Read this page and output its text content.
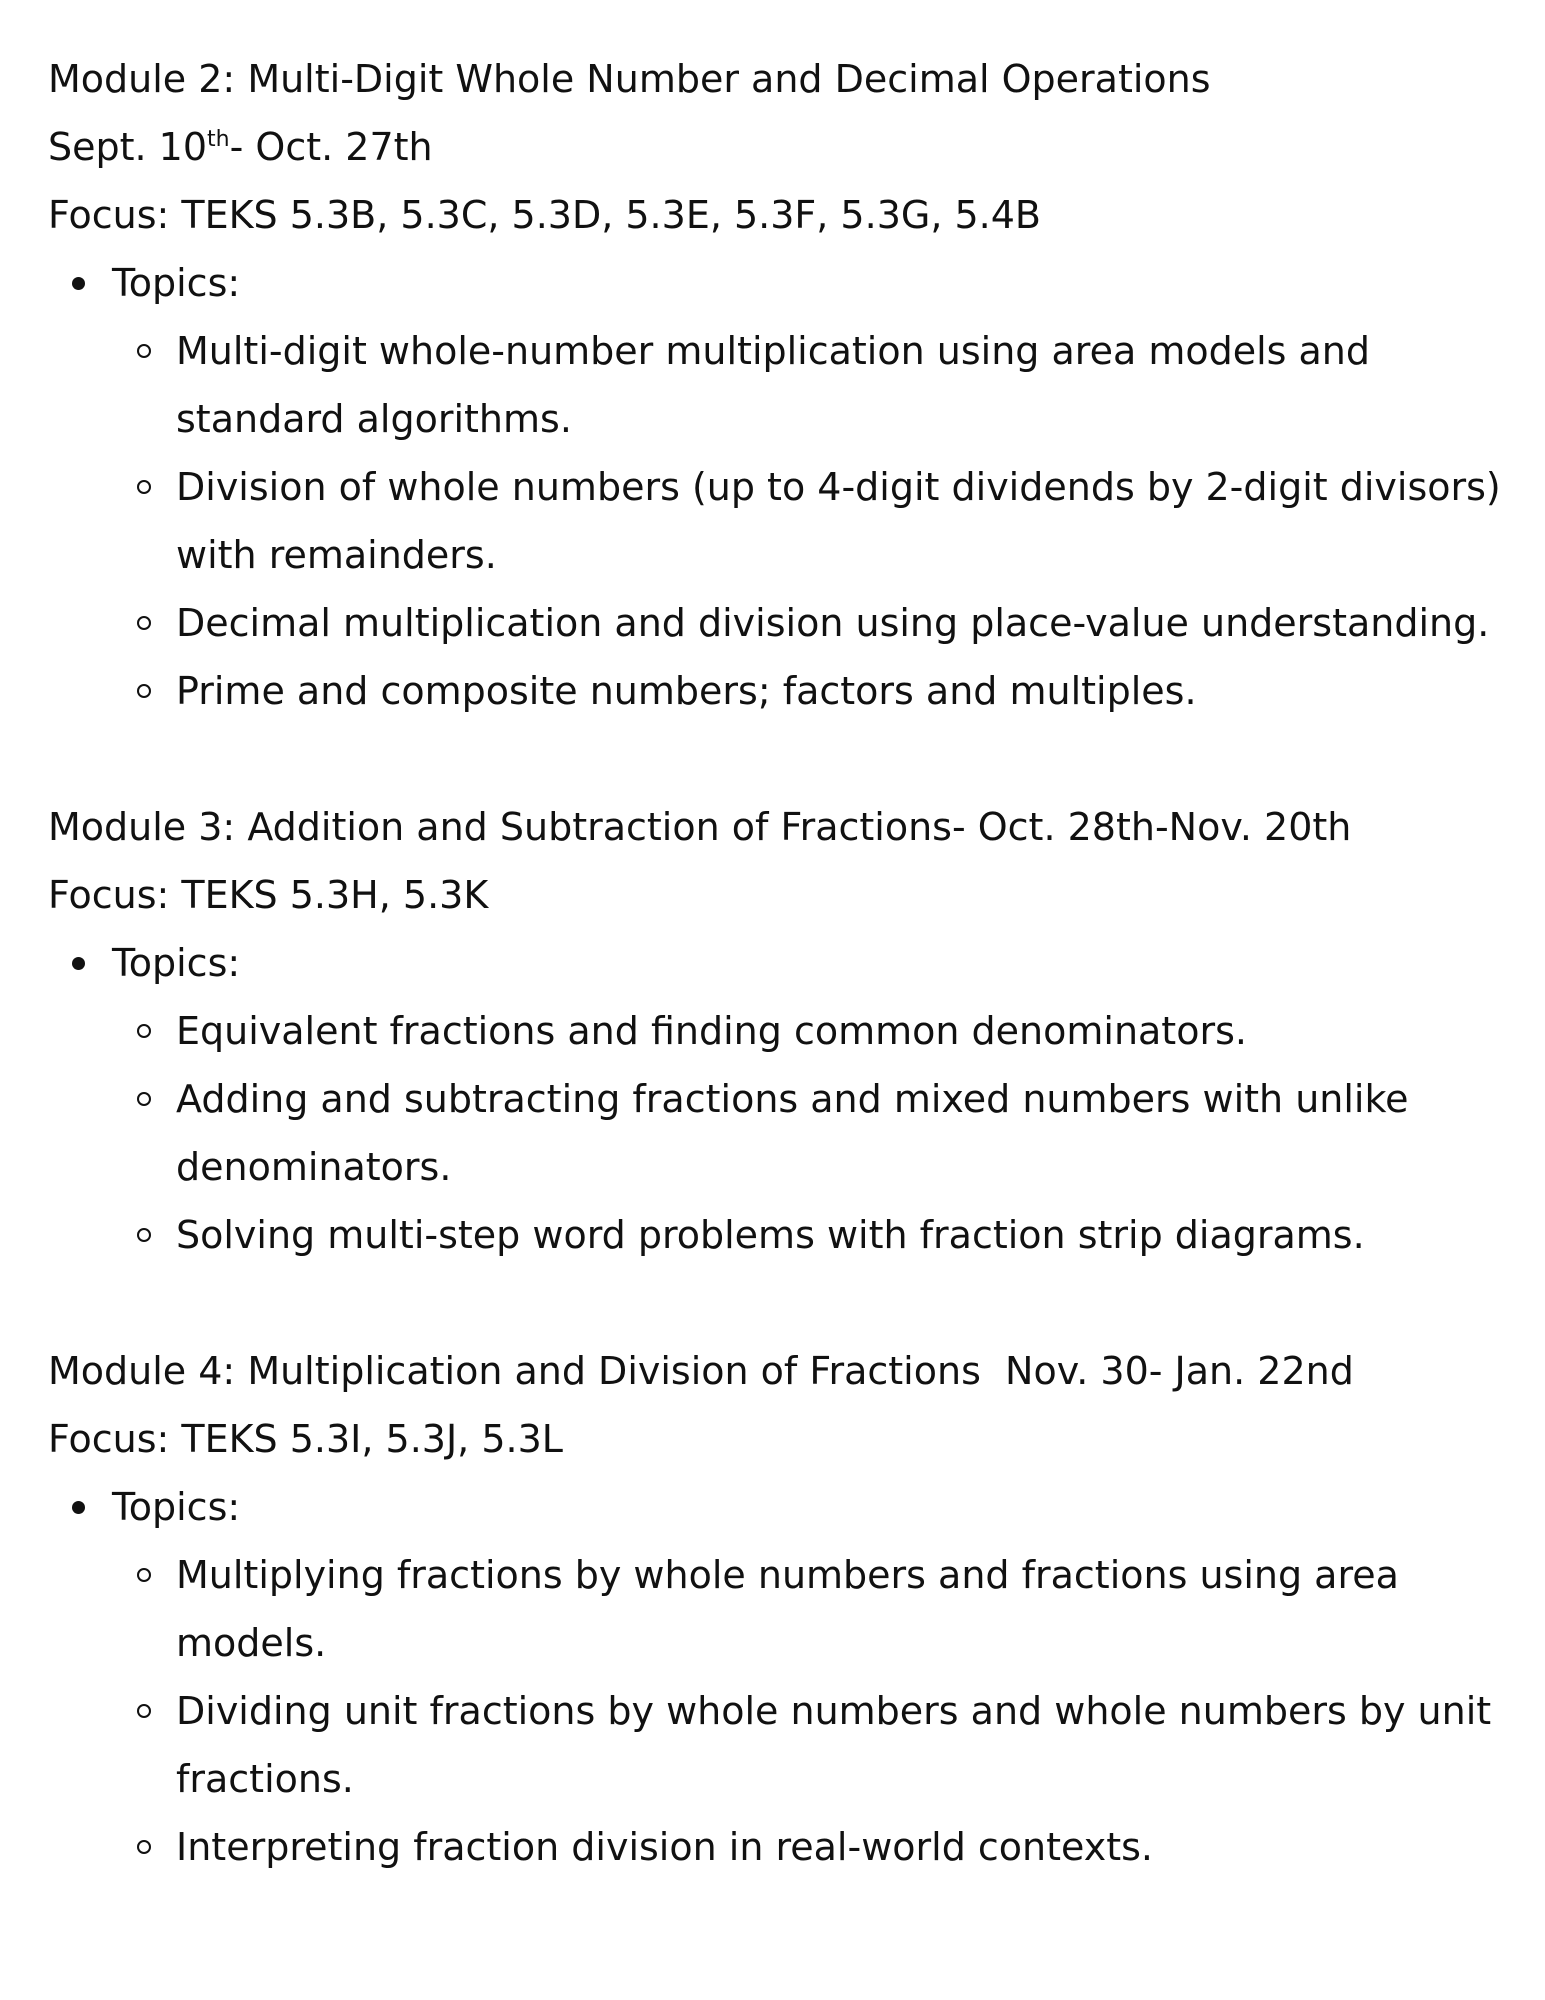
Module 2: Multi-Digit Whole Number and Decimal Operations

Sept. 10th- Oct. 27th

Focus: TEKS 5.3B, 5.3C, 5.3D, 5.3E, 5.3F, 5.3G, 5.4B

Topics:
Multi-digit whole-number multiplication using area models and standard algorithms.
Division of whole numbers (up to 4-digit dividends by 2-digit divisors) with remainders.
Decimal multiplication and division using place-value understanding.
Prime and composite numbers; factors and multiples.

Module 3: Addition and Subtraction of Fractions- Oct. 28th-Nov. 20th

Focus: TEKS 5.3H, 5.3K

Topics:
Equivalent fractions and finding common denominators.
Adding and subtracting fractions and mixed numbers with unlike denominators.
Solving multi-step word problems with fraction strip diagrams.

Module 4: Multiplication and Division of Fractions  Nov. 30- Jan. 22nd

Focus: TEKS 5.3I, 5.3J, 5.3L

Topics:
Multiplying fractions by whole numbers and fractions using area models.
Dividing unit fractions by whole numbers and whole numbers by unit fractions.
Interpreting fraction division in real-world contexts.
